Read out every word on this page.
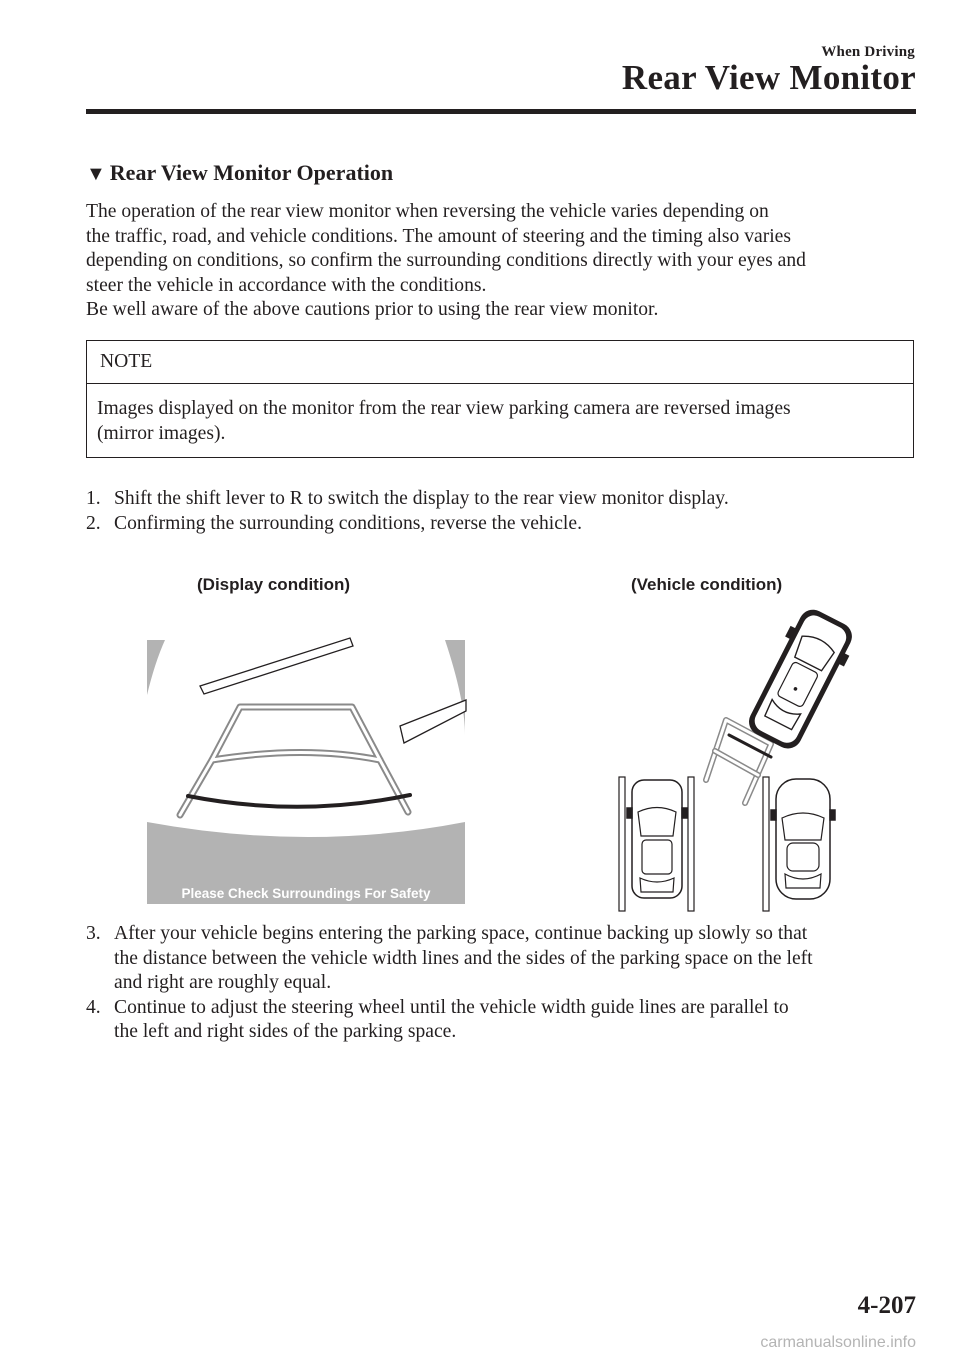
When Driving
Rear View Monitor
▼ Rear View Monitor Operation
The operation of the rear view monitor when reversing the vehicle varies depending on
the traffic, road, and vehicle conditions. The amount of steering and the timing also varies
depending on conditions, so confirm the surrounding conditions directly with your eyes and
steer the vehicle in accordance with the conditions.
Be well aware of the above cautions prior to using the rear view monitor.
NOTE
Images displayed on the monitor from the rear view parking camera are reversed images
(mirror images).
1. Shift the shift lever to R to switch the display to the rear view monitor display.
2. Confirming the surrounding conditions, reverse the vehicle.
(Display condition)	(Vehicle condition)
Please Check Surroundings For Safety
3. After your vehicle begins entering the parking space, continue backing up slowly so that
the distance between the vehicle width lines and the sides of the parking space on the left
and right are roughly equal.
4. Continue to adjust the steering wheel until the vehicle width guide lines are parallel to
the left and right sides of the parking space.
4-207
carmanualsonline.info
